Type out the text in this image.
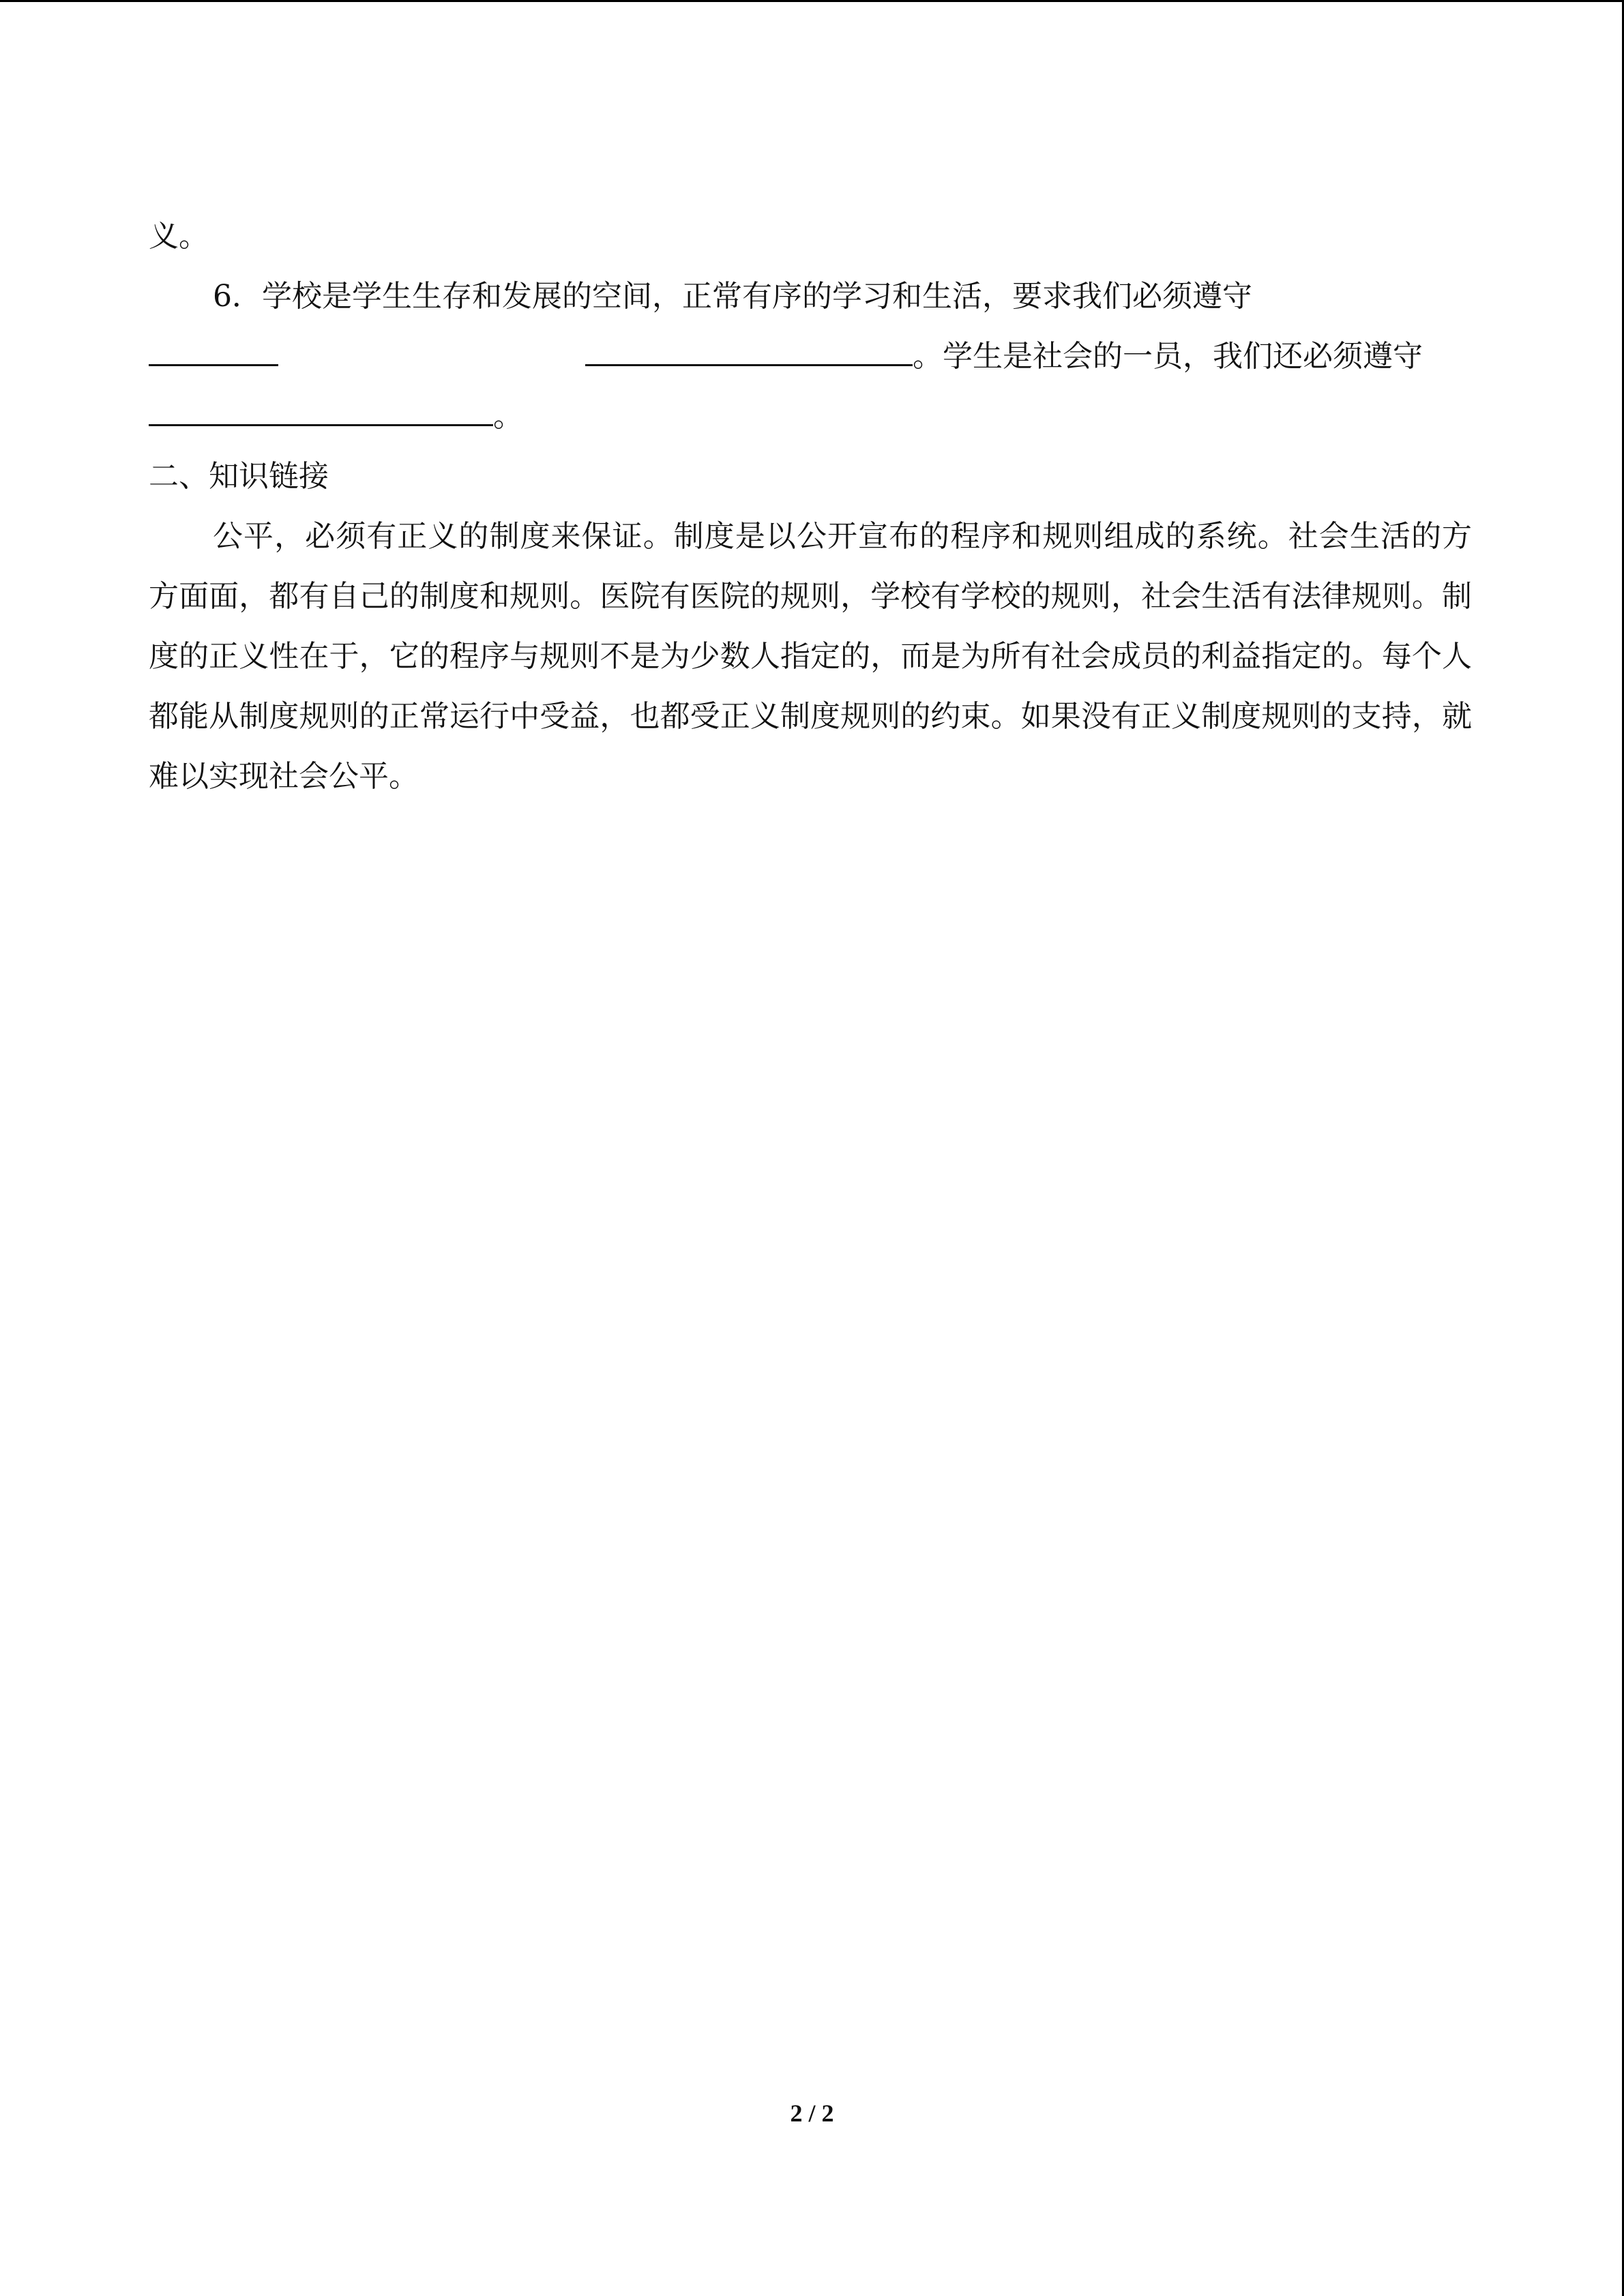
义。
6．学校是学生生存和发展的空间，正常有序的学习和生活，要求我们必须遵守
。学生是社会的一员，我们还必须遵守
。
二、知识链接

公平，必须有正义的制度来保证。制度是以公开宣布的程序和规则组成的系统。社会生活的方方面面，都有自己的制度和规则。医院有医院的规则，学校有学校的规则，社会生活有法律规则。制度的正义性在于，它的程序与规则不是为少数人指定的，而是为所有社会成员的利益指定的。每个人都能从制度规则的正常运行中受益，也都受正义制度规则的约束。如果没有正义制度规则的支持，就难以实现社会公平。

2 / 2
